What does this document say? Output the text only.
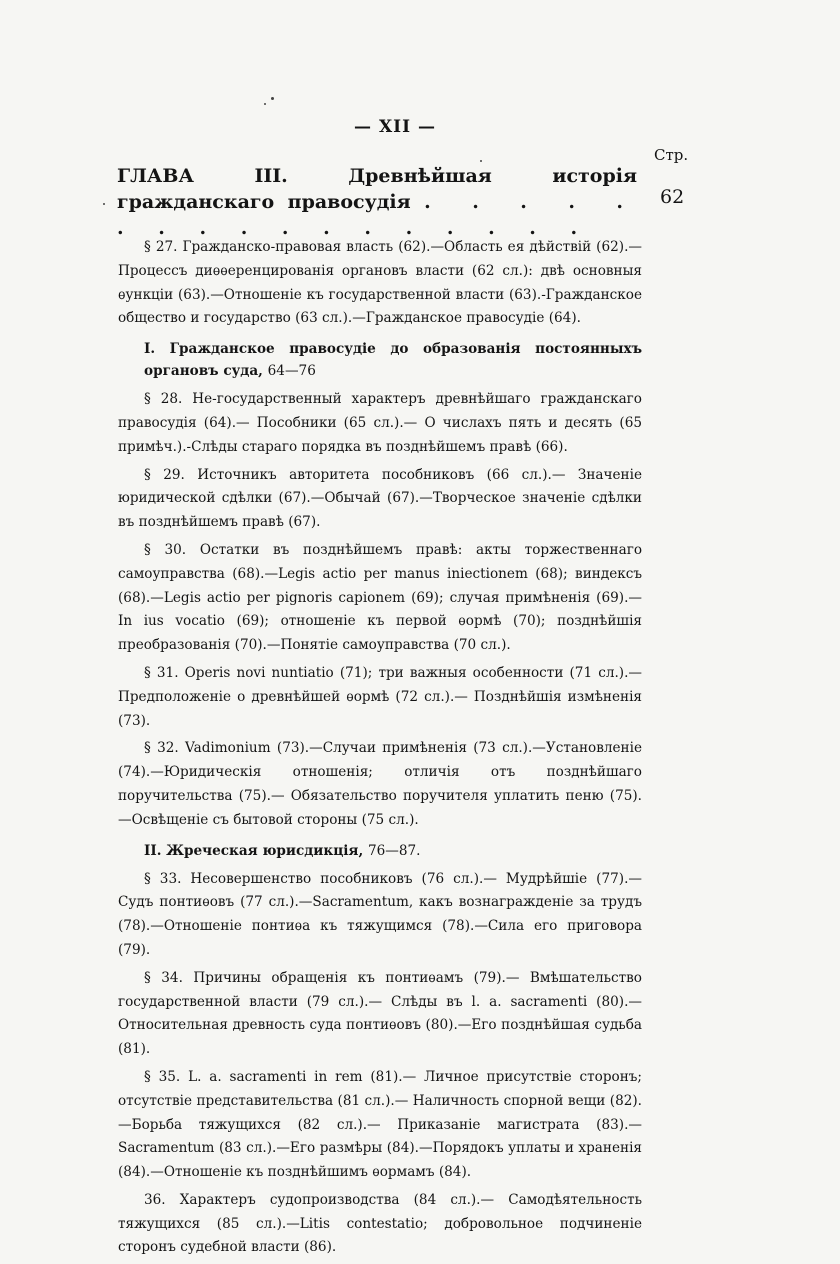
— XII —
Стр.
ГЛАВА III. Древнѣйшая исторія гражданскаго правосудія . . . . . . . . . . . . . . . . .
62

§ 27. Гражданско-правовая власть (62).—Область ея дѣйствій (62).—Процессъ диѳѳеренцированія органовъ власти (62 сл.): двѣ основныя ѳункціи (63).—Отношеніе къ государственной власти (63).-Гражданское общество и государство (63 сл.).—Гражданское правосудіе (64).

I. Гражданское правосудіе до образованія постоянныхъ органовъ суда, 64—76

§ 28. Не-государственный характеръ древнѣйшаго гражданскаго правосудія (64).— Пособники (65 сл.).— О числахъ пять и десять (65 примѣч.).-Слѣды стараго порядка въ позднѣйшемъ правѣ (66).

§ 29. Источникъ авторитета пособниковъ (66 сл.).— Значеніе юридической сдѣлки (67).—Обычай (67).—Творческое значеніе сдѣлки въ позднѣйшемъ правѣ (67).

§ 30. Остатки въ позднѣйшемъ правѣ: акты торжественнаго самоуправства (68).—Legis actio per manus iniectionem (68); виндексъ (68).—Legis actio per pignoris capionem (69); случая примѣненія (69).—In ius vocatio (69); отношеніе къ первой ѳормѣ (70); позднѣйшія преобразованія (70).—Понятіе самоуправства (70 сл.).

§ 31. Operis novi nuntiatio (71); три важныя особенности (71 сл.).—Предположеніе о древнѣйшей ѳормѣ (72 сл.).— Позднѣйшія измѣненія (73).

§ 32. Vadimonium (73).—Случаи примѣненія (73 сл.).—Установленіе (74).—Юридическія отношенія; отличія отъ позднѣйшаго поручительства (75).— Обязательство поручителя уплатить пеню (75).—Освѣщеніе съ бытовой стороны (75 сл.).

II. Жреческая юрисдикція, 76—87.

§ 33. Несовершенство пособниковъ (76 сл.).— Мудрѣйшіе (77).— Судъ понтиѳовъ (77 сл.).—Sacramentum, какъ вознагражденіе за трудъ (78).—Отношеніе понтиѳа къ тяжущимся (78).—Сила его приговора (79).

§ 34. Причины обращенія къ понтиѳамъ (79).— Вмѣшательство государственной власти (79 сл.).— Слѣды въ l. a. sacramenti (80).— Относительная древность суда понтиѳовъ (80).—Его позднѣйшая судьба (81).

§ 35. L. a. sacramenti in rem (81).— Личное присутствіе сторонъ; отсутствіе представительства (81 сл.).— Наличность спорной вещи (82).—Борьба тяжущихся (82 сл.).— Приказаніе магистрата (83).—Sacramentum (83 сл.).—Его размѣры (84).—Порядокъ уплаты и храненія (84).—Отношеніе къ позднѣйшимъ ѳормамъ (84).

36. Характеръ судопроизводства (84 сл.).— Самодѣятельность тяжущихся (85 сл.).—Litis contestatio; добровольное подчиненіе сторонъ судебной власти (86).
